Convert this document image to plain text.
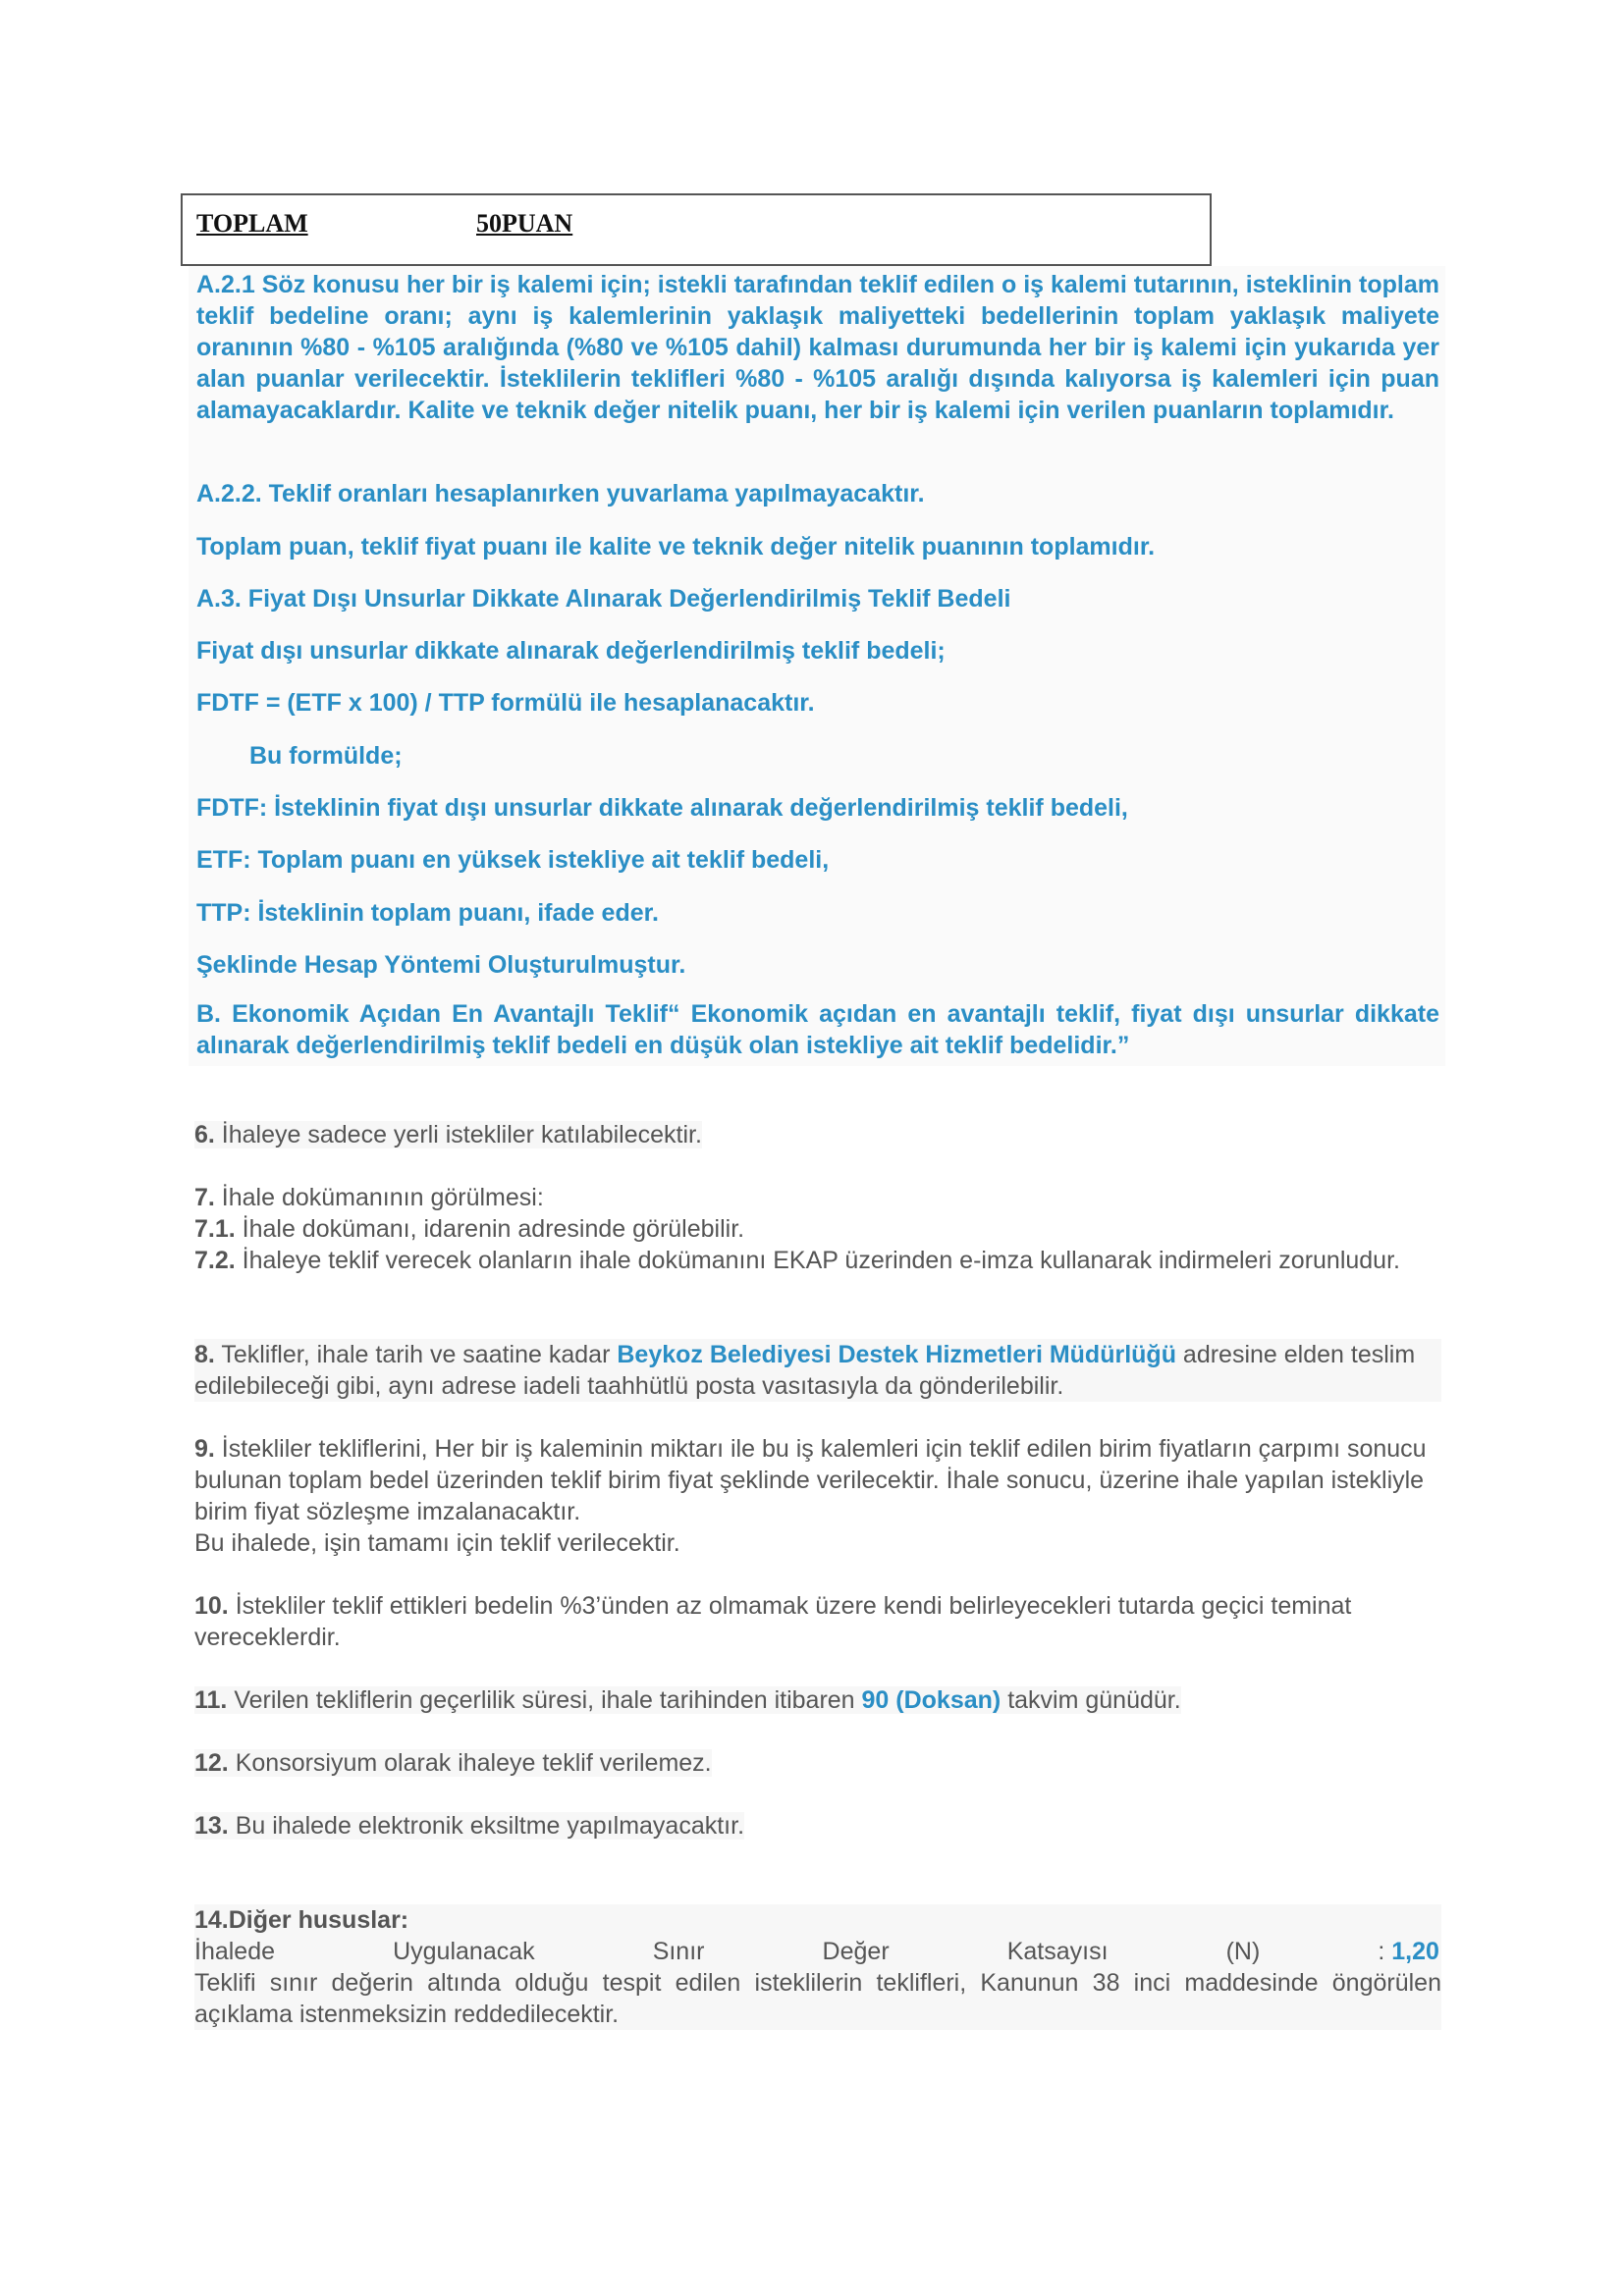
TOPLAM	50PUAN

A.2.1 Söz konusu her bir iş kalemi için; istekli tarafından teklif edilen o iş kalemi tutarının, isteklinin toplam teklif bedeline oranı; aynı iş kalemlerinin yaklaşık maliyetteki bedellerinin toplam yaklaşık maliyete oranının %80 - %105 aralığında (%80 ve %105 dahil) kalması durumunda her bir iş kalemi için yukarıda yer alan puanlar verilecektir. İsteklilerin teklifleri %80 - %105 aralığı dışında kalıyorsa iş kalemleri için puan alamayacaklardır. Kalite ve teknik değer nitelik puanı, her bir iş kalemi için verilen puanların toplamıdır.

A.2.2. Teklif oranları hesaplanırken yuvarlama yapılmayacaktır.

Toplam puan, teklif fiyat puanı ile kalite ve teknik değer nitelik puanının toplamıdır.

A.3. Fiyat Dışı Unsurlar Dikkate Alınarak Değerlendirilmiş Teklif Bedeli

Fiyat dışı unsurlar dikkate alınarak değerlendirilmiş teklif bedeli;

FDTF = (ETF x 100) / TTP formülü ile hesaplanacaktır.

Bu formülde;

FDTF: İsteklinin fiyat dışı unsurlar dikkate alınarak değerlendirilmiş teklif bedeli,

ETF: Toplam puanı en yüksek istekliye ait teklif bedeli,

TTP: İsteklinin toplam puanı, ifade eder.

Şeklinde Hesap Yöntemi Oluşturulmuştur.

B. Ekonomik Açıdan En Avantajlı Teklif“ Ekonomik açıdan en avantajlı teklif, fiyat dışı unsurlar dikkate alınarak değerlendirilmiş teklif bedeli en düşük olan istekliye ait teklif bedelidir.”

6. İhaleye sadece yerli istekliler katılabilecektir.

7. İhale dokümanının görülmesi:

7.1. İhale dokümanı, idarenin adresinde görülebilir.

7.2. İhaleye teklif verecek olanların ihale dokümanını EKAP üzerinden e-imza kullanarak indirmeleri zorunludur.

8. Teklifler, ihale tarih ve saatine kadar Beykoz Belediyesi Destek Hizmetleri Müdürlüğü adresine elden teslim edilebileceği gibi, aynı adrese iadeli taahhütlü posta vasıtasıyla da gönderilebilir.

9. İstekliler tekliflerini, Her bir iş kaleminin miktarı ile bu iş kalemleri için teklif edilen birim fiyatların çarpımı sonucu bulunan toplam bedel üzerinden teklif birim fiyat şeklinde verilecektir. İhale sonucu, üzerine ihale yapılan istekliyle birim fiyat sözleşme imzalanacaktır.

Bu ihalede, işin tamamı için teklif verilecektir.

10. İstekliler teklif ettikleri bedelin %3’ünden az olmamak üzere kendi belirleyecekleri tutarda geçici teminat vereceklerdir.

11. Verilen tekliflerin geçerlilik süresi, ihale tarihinden itibaren 90 (Doksan) takvim günüdür.

12. Konsorsiyum olarak ihaleye teklif verilemez.

13. Bu ihalede elektronik eksiltme yapılmayacaktır.

14.Diğer hususlar:

İhalede	Uygulanacak	Sınır	Değer	Katsayısı	(N)	: 1,20

Teklifi sınır değerin altında olduğu tespit edilen isteklilerin teklifleri, Kanunun 38 inci maddesinde öngörülen açıklama istenmeksizin reddedilecektir.
